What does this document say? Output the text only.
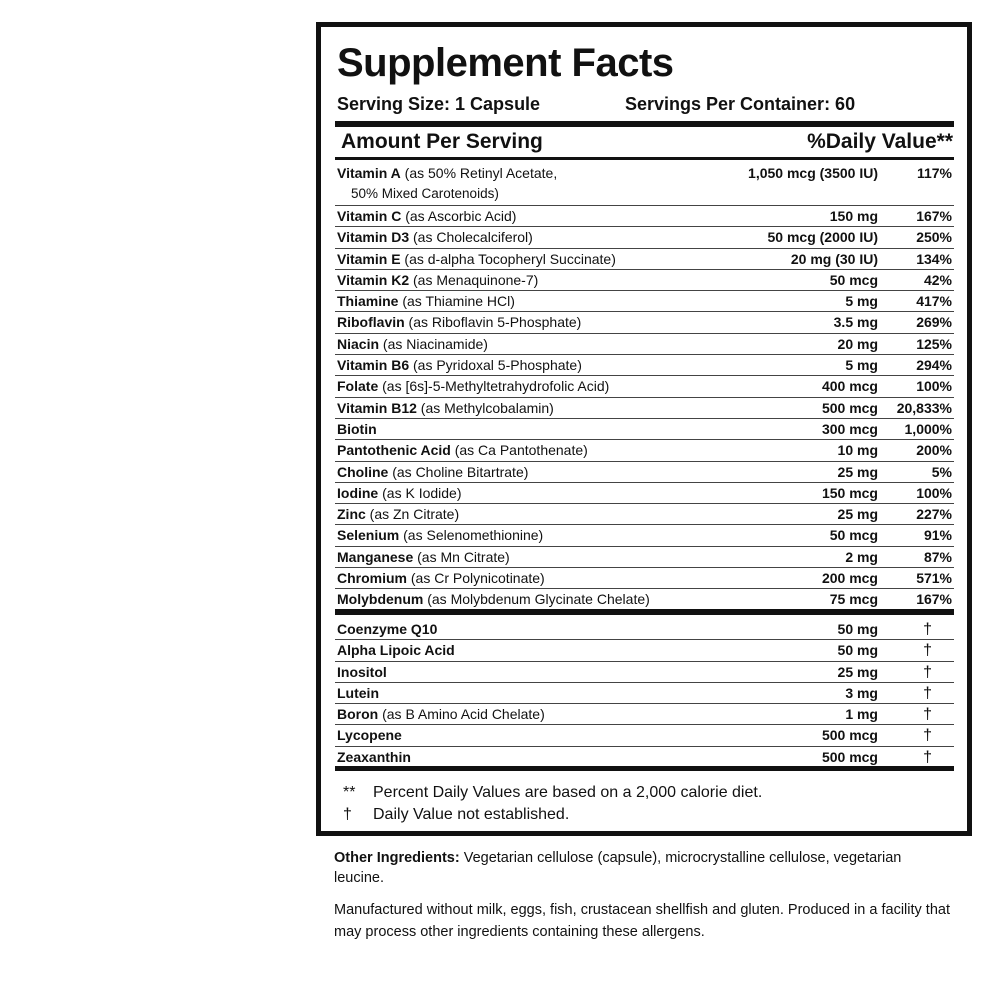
Supplement Facts
Serving Size: 1 Capsule	Servings Per Container: 60
Amount Per Serving	%Daily Value**
Vitamin A (as 50% Retinyl Acetate,
50% Mixed Carotenoids)
1,050 mcg (3500 IU)	117%
Vitamin C (as Ascorbic Acid)	150 mg	167%
Vitamin D3 (as Cholecalciferol)	50 mcg (2000 IU)	250%
Vitamin E (as d-alpha Tocopheryl Succinate)	20 mg (30 IU)	134%
Vitamin K2 (as Menaquinone-7)	50 mcg	42%
Thiamine (as Thiamine HCl)	5 mg	417%
Riboflavin (as Riboflavin 5-Phosphate)	3.5 mg	269%
Niacin (as Niacinamide)	20 mg	125%
Vitamin B6 (as Pyridoxal 5-Phosphate)	5 mg	294%
Folate (as [6s]-5-Methyltetrahydrofolic Acid)	400 mcg	100%
Vitamin B12 (as Methylcobalamin)	500 mcg 20,833%
Biotin	300 mcg 1,000%
Pantothenic Acid (as Ca Pantothenate)	10 mg	200%
Choline (as Choline Bitartrate)	25 mg	5%
Iodine (as K Iodide)	150 mcg	100%
Zinc (as Zn Citrate)	25 mg	227%
Selenium (as Selenomethionine)	50 mcg	91%
Manganese (as Mn Citrate)	2 mg	87%
Chromium (as Cr Polynicotinate)	200 mcg	571%
Molybdenum (as Molybdenum Glycinate Chelate)	75 mcg	167%
Coenzyme Q10	50 mg	†
Alpha Lipoic Acid	50 mg	†
Inositol	25 mg	†
Lutein	3 mg	†
Boron (as B Amino Acid Chelate)	1 mg	†
Lycopene	500 mcg	†
Zeaxanthin	500 mcg	†
** Percent Daily Values are based on a 2,000 calorie diet.
† Daily Value not established.
Other Ingredients: Vegetarian cellulose (capsule), microcrystalline cellulose, vegetarian leucine.
Manufactured without milk, eggs, fish, crustacean shellfish and gluten. Produced in a facility that may process other ingredients containing these allergens.
